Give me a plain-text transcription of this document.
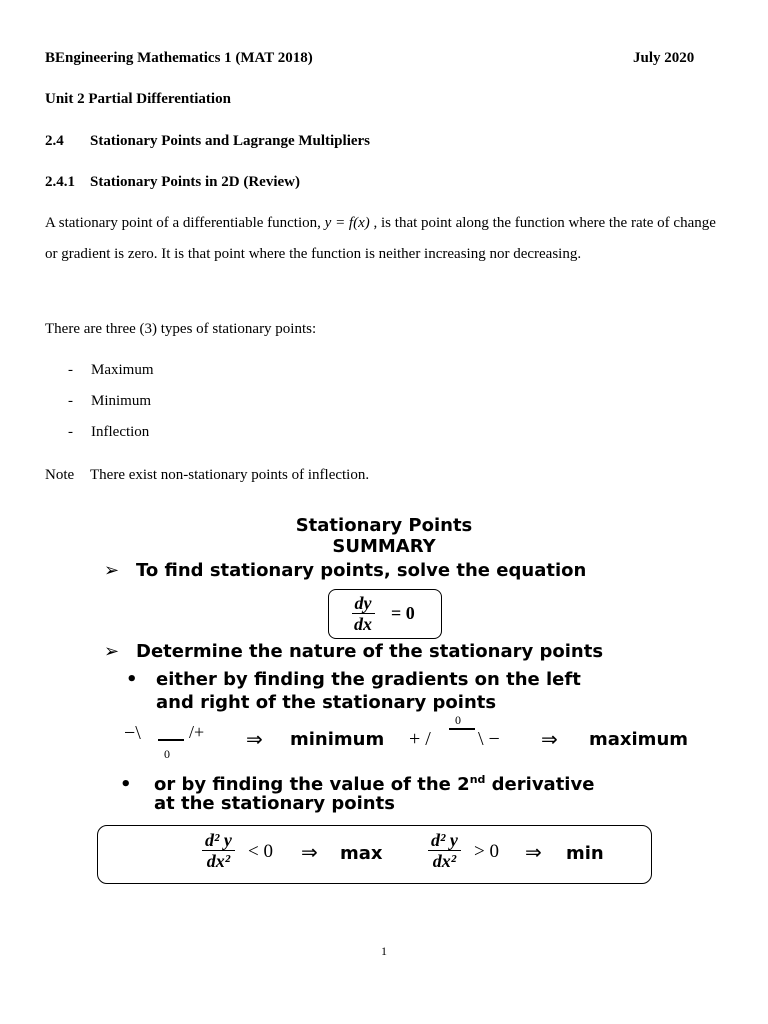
BEngineering Mathematics 1 (MAT 2018)	July 2020
Unit 2 Partial Differentiation
2.4 Stationary Points and Lagrange Multipliers
2.4.1 Stationary Points in 2D (Review)
A stationary point of a differentiable function, y = f(x) , is that point along the function where the rate of change or gradient is zero. It is that point where the function is neither increasing nor decreasing.
There are three (3) types of stationary points:
- Maximum
- Minimum
- Inflection
Note There exist non-stationary points of inflection.
Stationary Points
SUMMARY
➢ To find stationary points, solve the equation
$\frac{dy}{dx} = 0$
➢ Determine the nature of the stationary points
• either by finding the gradients on the left
and right of the stationary points
−\	/+
0
⇒ minimum + /
0
\ − ⇒ maximum
• or by finding the value of the 2nd derivative
at the stationary points
$\frac{\text{d² y}}{\text{dx²}} < 0$ ⇒ max	$\frac{\text{d² y}}{\text{dx²}} > 0$ ⇒ min
1
